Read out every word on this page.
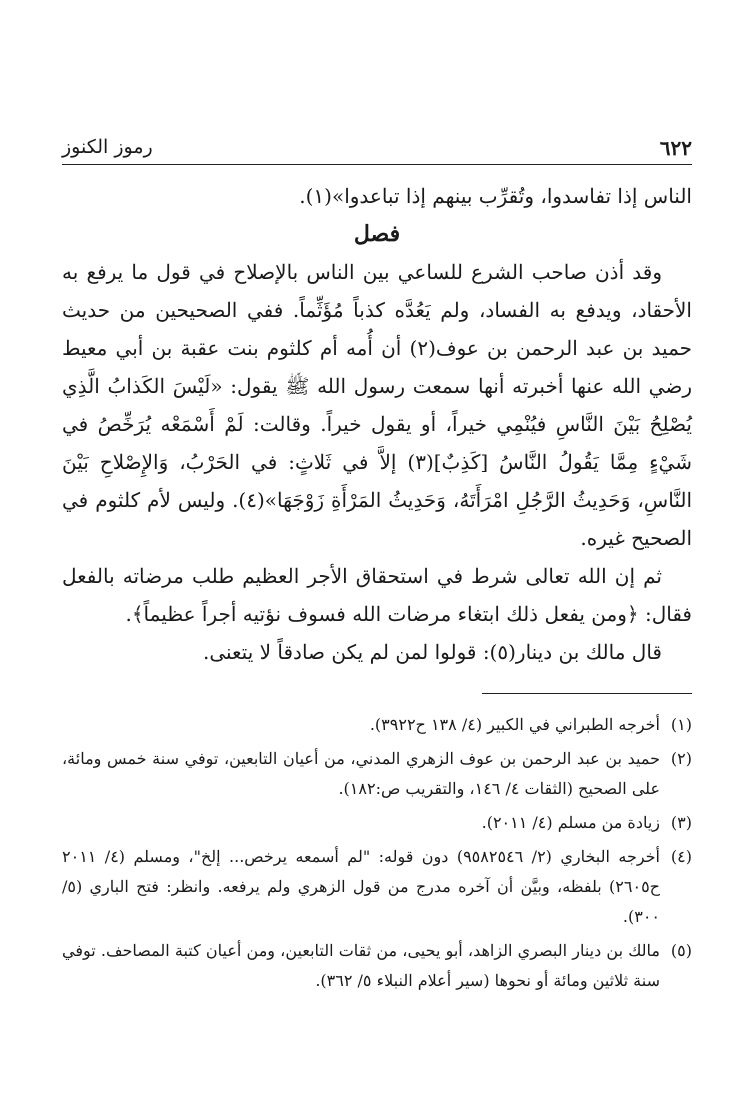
٦٢٢
رموز الكنوز

الناس إذا تفاسدوا، وتُقرِّب بينهم إذا تباعدوا»(١).

فصل

وقد أذن صاحب الشرع للساعي بين الناس بالإصلاح في قول ما يرفع به الأحقاد، ويدفع به الفساد، ولم يَعُدَّه كذباً مُؤَثِّماً. ففي الصحيحين من حديث حميد بن عبد الرحمن بن عوف(٢) أن أُمه أم كلثوم بنت عقبة بن أبي معيط رضي الله عنها أخبرته أنها سمعت رسول الله ﷺ يقول: «لَيْسَ الكَذابُ الَّذِي يُصْلِحُ بَيْنَ النَّاسِ فيُنْمِي خيراً، أو يقول خيراً. وقالت: لَمْ أَسْمَعْه يُرَخِّصُ في شَيْءٍ مِمَّا يَقُولُ النَّاسُ [كَذِبٌ](٣) إلاَّ في ثَلاثٍ: في الحَرْبُ، وَالإِصْلاحِ بَيْنَ النَّاسِ، وَحَدِيثُ الرَّجُلِ امْرَأَتَهُ، وَحَدِيثُ المَرْأَةِ زَوْجَهَا»(٤). وليس لأم كلثوم في الصحيح غيره.

ثم إن الله تعالى شرط في استحقاق الأجر العظيم طلب مرضاته بالفعل فقال: ﴿ومن يفعل ذلك ابتغاء مرضات الله فسوف نؤتيه أجراً عظيماً﴾.

قال مالك بن دينار(٥): قولوا لمن لم يكن صادقاً لا يتعنى.

(١)أخرجه الطبراني في الكبير (٤/ ١٣٨ ح٣٩٢٢).

(٢)حميد بن عبد الرحمن بن عوف الزهري المدني، من أعيان التابعين، توفي سنة خمس ومائة، على الصحيح (الثقات ٤/ ١٤٦، والتقريب ص:١٨٢).

(٣)زيادة من مسلم (٤/ ٢٠١١).

(٤)أخرجه البخاري (٢/ ٩٥٨٢٥٤٦) دون قوله: "لم أسمعه يرخص... إلخ"، ومسلم (٤/ ٢٠١١ ح٢٦٠٥) بلفظه، وبيَّن أن آخره مدرج من قول الزهري ولم يرفعه. وانظر: فتح الباري (٥/ ٣٠٠).

(٥)مالك بن دينار البصري الزاهد، أبو يحيى، من ثقات التابعين، ومن أعيان كتبة المصاحف. توفي سنة ثلاثين ومائة أو نحوها (سير أعلام النبلاء ٥/ ٣٦٢).
